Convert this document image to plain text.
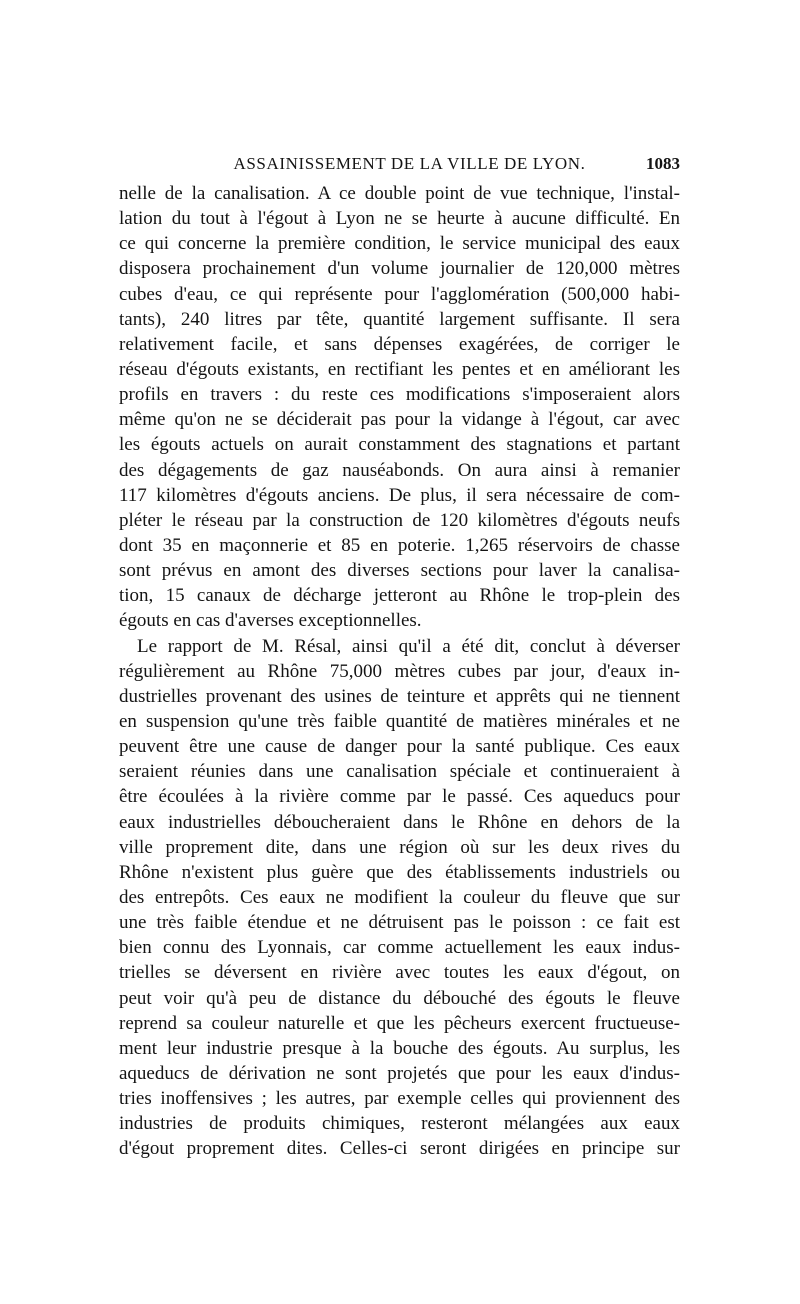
ASSAINISSEMENT DE LA VILLE DE LYON.	1083
nelle de la canalisation. A ce double point de vue technique, l'instal-
lation du tout à l'égout à Lyon ne se heurte à aucune difficulté. En
ce qui concerne la première condition, le service municipal des eaux
disposera prochainement d'un volume journalier de 120,000 mètres
cubes d'eau, ce qui représente pour l'agglomération (500,000 habi-
tants), 240 litres par tête, quantité largement suffisante. Il sera
relativement facile, et sans dépenses exagérées, de corriger le
réseau d'égouts existants, en rectifiant les pentes et en améliorant les
profils en travers : du reste ces modifications s'imposeraient alors
même qu'on ne se déciderait pas pour la vidange à l'égout, car avec
les égouts actuels on aurait constamment des stagnations et partant
des dégagements de gaz nauséabonds. On aura ainsi à remanier
117 kilomètres d'égouts anciens. De plus, il sera nécessaire de com-
pléter le réseau par la construction de 120 kilomètres d'égouts neufs
dont 35 en maçonnerie et 85 en poterie. 1,265 réservoirs de chasse
sont prévus en amont des diverses sections pour laver la canalisa-
tion, 15 canaux de décharge jetteront au Rhône le trop-plein des
égouts en cas d'averses exceptionnelles.
Le rapport de M. Résal, ainsi qu'il a été dit, conclut à déverser
régulièrement au Rhône 75,000 mètres cubes par jour, d'eaux in-
dustrielles provenant des usines de teinture et apprêts qui ne tiennent
en suspension qu'une très faible quantité de matières minérales et ne
peuvent être une cause de danger pour la santé publique. Ces eaux
seraient réunies dans une canalisation spéciale et continueraient à
être écoulées à la rivière comme par le passé. Ces aqueducs pour
eaux industrielles déboucheraient dans le Rhône en dehors de la
ville proprement dite, dans une région où sur les deux rives du
Rhône n'existent plus guère que des établissements industriels ou
des entrepôts. Ces eaux ne modifient la couleur du fleuve que sur
une très faible étendue et ne détruisent pas le poisson : ce fait est
bien connu des Lyonnais, car comme actuellement les eaux indus-
trielles se déversent en rivière avec toutes les eaux d'égout, on
peut voir qu'à peu de distance du débouché des égouts le fleuve
reprend sa couleur naturelle et que les pêcheurs exercent fructueuse-
ment leur industrie presque à la bouche des égouts. Au surplus, les
aqueducs de dérivation ne sont projetés que pour les eaux d'indus-
tries inoffensives ; les autres, par exemple celles qui proviennent des
industries de produits chimiques, resteront mélangées aux eaux
d'égout proprement dites. Celles-ci seront dirigées en principe sur
